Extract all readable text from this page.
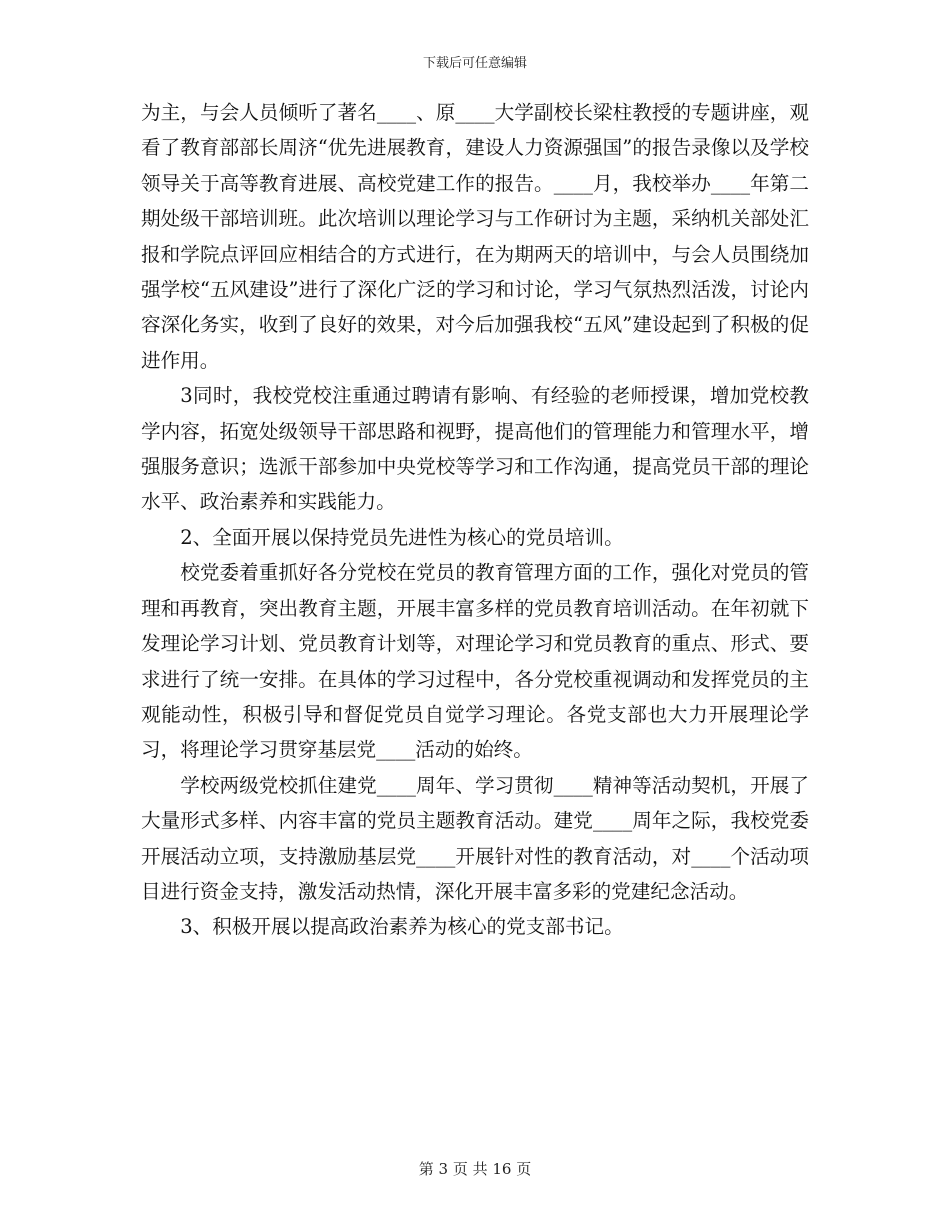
下载后可任意编辑

为主，与会人员倾听了著名____、原____大学副校长梁柱教授的专题讲座，观看了教育部部长周济“优先进展教育，建设人力资源强国”的报告录像以及学校领导关于高等教育进展、高校党建工作的报告。____月，我校举办____年第二期处级干部培训班。此次培训以理论学习与工作研讨为主题，采纳机关部处汇报和学院点评回应相结合的方式进行，在为期两天的培训中，与会人员围绕加强学校“五风建设”进行了深化广泛的学习和讨论，学习气氛热烈活泼，讨论内容深化务实，收到了良好的效果，对今后加强我校“五风”建设起到了积极的促进作用。

3同时，我校党校注重通过聘请有影响、有经验的老师授课，增加党校教学内容，拓宽处级领导干部思路和视野，提高他们的管理能力和管理水平，增强服务意识；选派干部参加中央党校等学习和工作沟通，提高党员干部的理论水平、政治素养和实践能力。

2、全面开展以保持党员先进性为核心的党员培训。

校党委着重抓好各分党校在党员的教育管理方面的工作，强化对党员的管理和再教育，突出教育主题，开展丰富多样的党员教育培训活动。在年初就下发理论学习计划、党员教育计划等，对理论学习和党员教育的重点、形式、要求进行了统一安排。在具体的学习过程中，各分党校重视调动和发挥党员的主观能动性，积极引导和督促党员自觉学习理论。各党支部也大力开展理论学习，将理论学习贯穿基层党____活动的始终。

学校两级党校抓住建党____周年、学习贯彻____精神等活动契机，开展了大量形式多样、内容丰富的党员主题教育活动。建党____周年之际，我校党委开展活动立项，支持激励基层党____开展针对性的教育活动，对____个活动项目进行资金支持，激发活动热情，深化开展丰富多彩的党建纪念活动。

3、积极开展以提高政治素养为核心的党支部书记。

第 3 页 共 16 页
